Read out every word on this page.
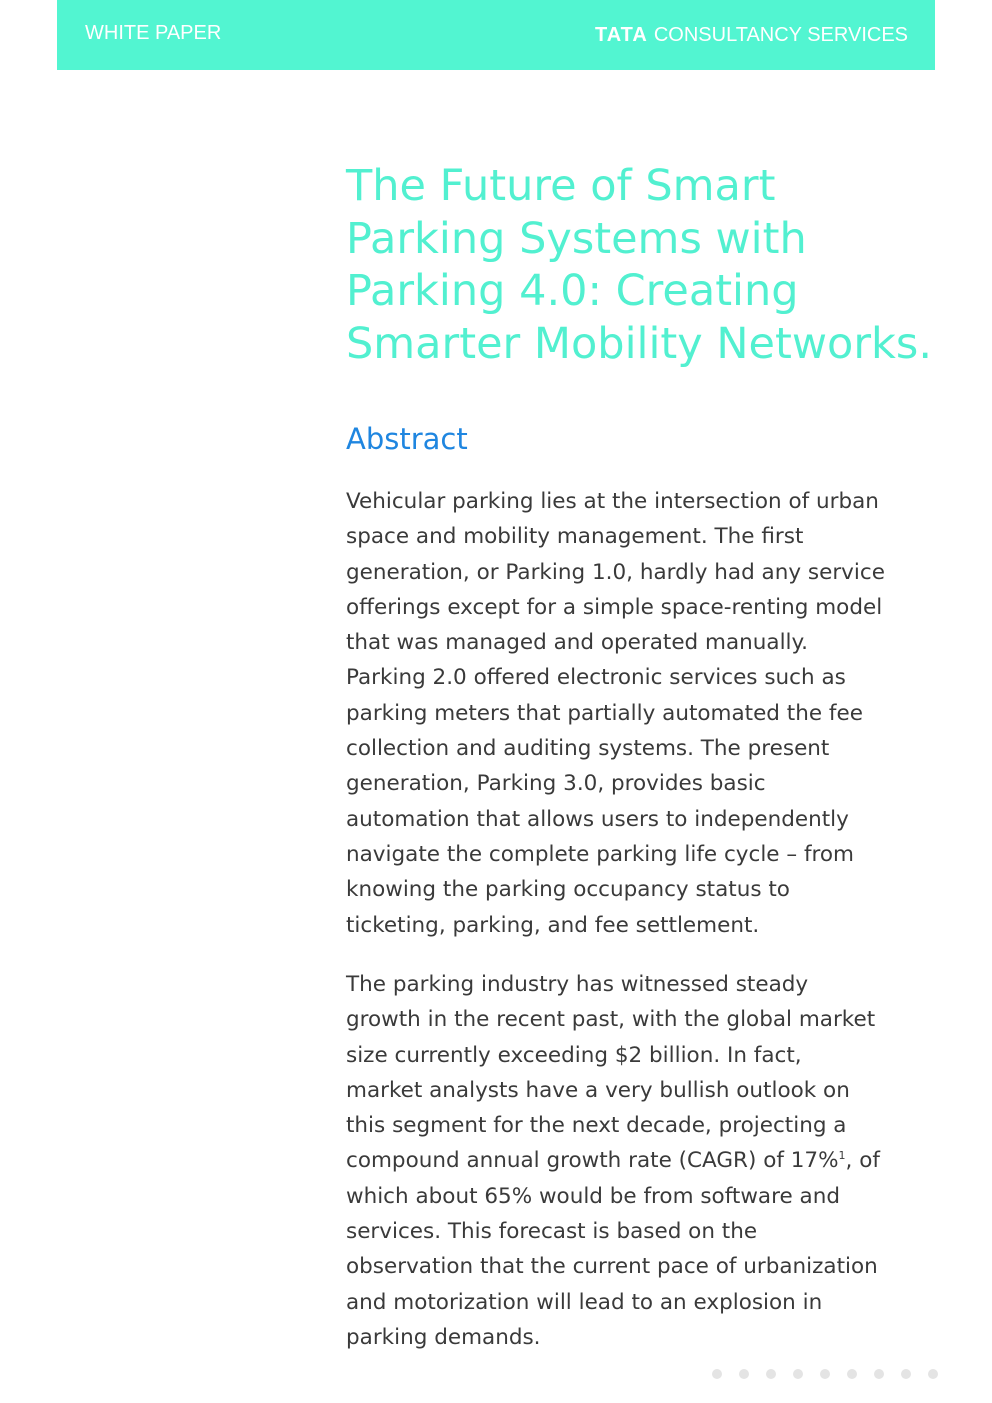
WHITE PAPER	TATA CONSULTANCY SERVICES
The Future of Smart
Parking Systems with
Parking 4.0: Creating
Smarter Mobility Networks.
Abstract

Vehicular parking lies at the intersection of urban
space and mobility management. The first
generation, or Parking 1.0, hardly had any service
offerings except for a simple space-renting model
that was managed and operated manually.
Parking 2.0 offered electronic services such as
parking meters that partially automated the fee
collection and auditing systems. The present
generation, Parking 3.0, provides basic
automation that allows users to independently
navigate the complete parking life cycle – from
knowing the parking occupancy status to
ticketing, parking, and fee settlement.

The parking industry has witnessed steady
growth in the recent past, with the global market
size currently exceeding $2 billion. In fact,
market analysts have a very bullish outlook on
this segment for the next decade, projecting a
compound annual growth rate (CAGR) of 17%$^1$, of
which about 65% would be from software and
services. This forecast is based on the
observation that the current pace of urbanization
and motorization will lead to an explosion in
parking demands.
